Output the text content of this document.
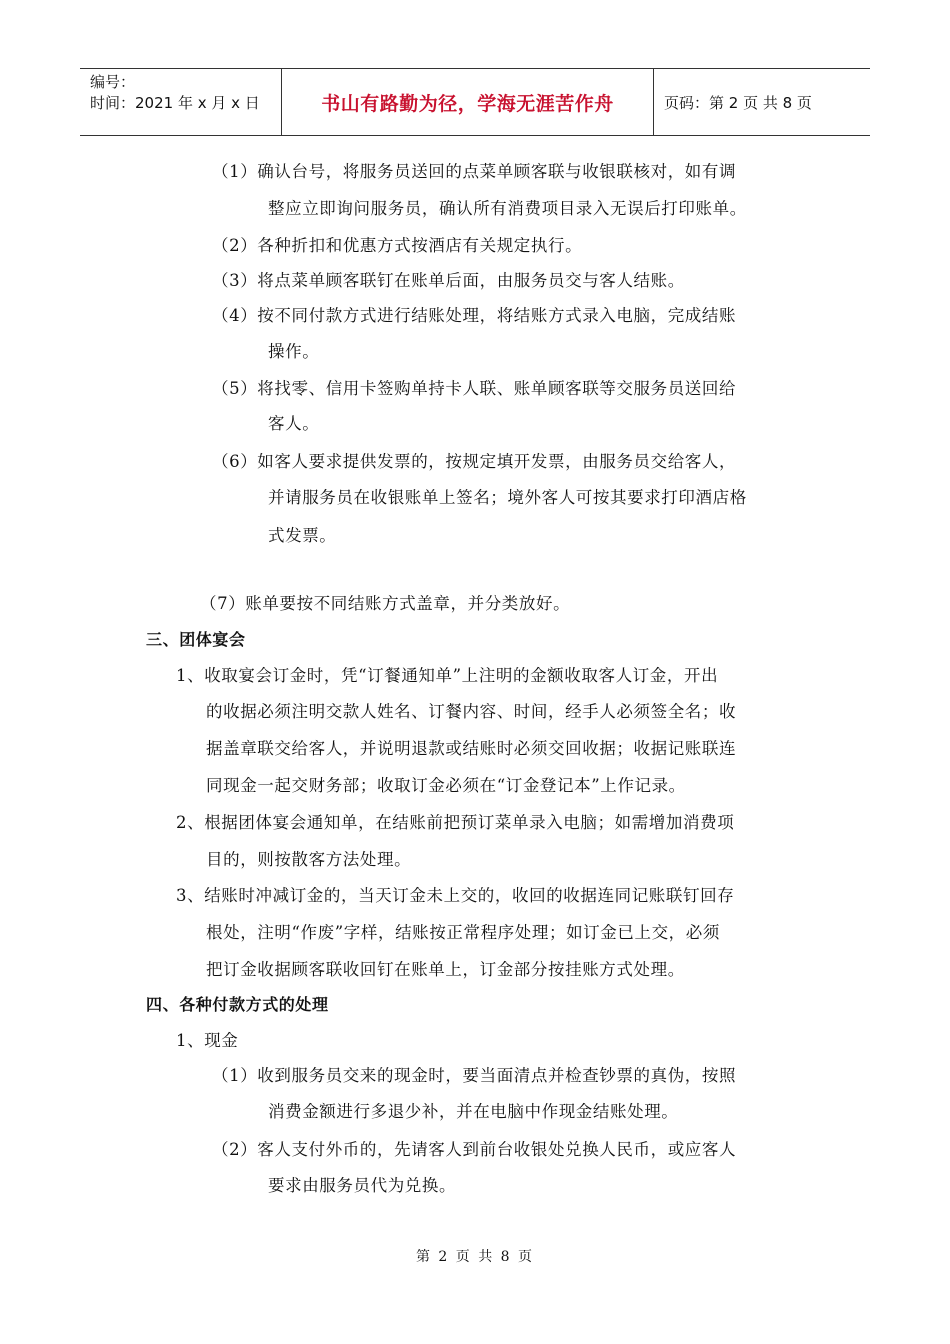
编号：
时间：2021 年 x 月 x 日	书山有路勤为径，学海无涯苦作舟	页码：第 2 页 共 8 页
（1）确认台号，将服务员送回的点菜单顾客联与收银联核对，如有调
整应立即询问服务员，确认所有消费项目录入无误后打印账单。
（2）各种折扣和优惠方式按酒店有关规定执行。
（3）将点菜单顾客联钉在账单后面，由服务员交与客人结账。
（4）按不同付款方式进行结账处理，将结账方式录入电脑，完成结账
操作。
（5）将找零、信用卡签购单持卡人联、账单顾客联等交服务员送回给
客人。
（6）如客人要求提供发票的，按规定填开发票，由服务员交给客人，
并请服务员在收银账单上签名；境外客人可按其要求打印酒店格
式发票。
（7）账单要按不同结账方式盖章，并分类放好。
三、团体宴会
1、收取宴会订金时，凭“订餐通知单”上注明的金额收取客人订金，开出
的收据必须注明交款人姓名、订餐内容、时间，经手人必须签全名；收
据盖章联交给客人，并说明退款或结账时必须交回收据；收据记账联连
同现金一起交财务部；收取订金必须在“订金登记本”上作记录。
2、根据团体宴会通知单，在结账前把预订菜单录入电脑；如需增加消费项
目的，则按散客方法处理。
3、结账时冲减订金的，当天订金未上交的，收回的收据连同记账联钉回存
根处，注明“作废”字样，结账按正常程序处理；如订金已上交，必须
把订金收据顾客联收回钉在账单上，订金部分按挂账方式处理。
四、各种付款方式的处理
1、现金
（1）收到服务员交来的现金时，要当面清点并检查钞票的真伪，按照
消费金额进行多退少补，并在电脑中作现金结账处理。
（2）客人支付外币的，先请客人到前台收银处兑换人民币，或应客人
要求由服务员代为兑换。
第 2 页 共 8 页
